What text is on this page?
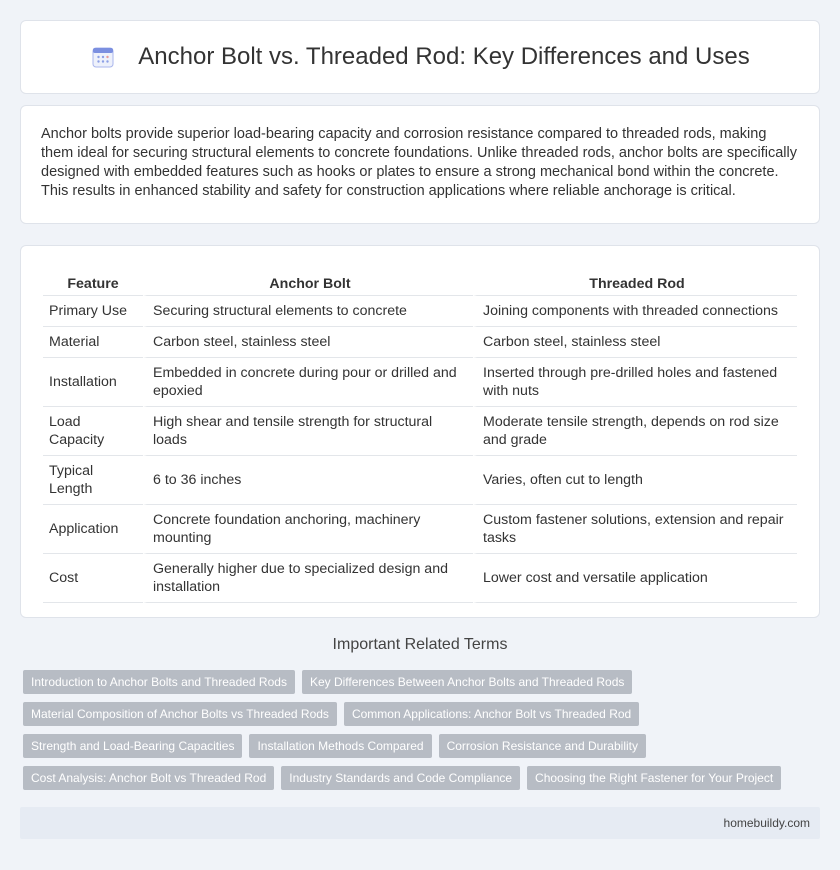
Anchor Bolt vs. Threaded Rod: Key Differences and Uses

Anchor bolts provide superior load-bearing capacity and corrosion resistance compared to threaded rods, making them ideal for securing structural elements to concrete foundations. Unlike threaded rods, anchor bolts are specifically designed with embedded features such as hooks or plates to ensure a strong mechanical bond within the concrete. This results in enhanced stability and safety for construction applications where reliable anchorage is critical.

Feature	Anchor Bolt	Threaded Rod
Primary Use	Securing structural elements to concrete	Joining components with threaded connections
Material	Carbon steel, stainless steel	Carbon steel, stainless steel
Installation	Embedded in concrete during pour or drilled and epoxied	Inserted through pre-drilled holes and fastened with nuts
Load Capacity	High shear and tensile strength for structural loads	Moderate tensile strength, depends on rod size and grade
Typical Length	6 to 36 inches	Varies, often cut to length
Application	Concrete foundation anchoring, machinery mounting	Custom fastener solutions, extension and repair tasks
Cost	Generally higher due to specialized design and installation	Lower cost and versatile application
Important Related Terms
Introduction to Anchor Bolts and Threaded Rods	Key Differences Between Anchor Bolts and Threaded Rods
Material Composition of Anchor Bolts vs Threaded Rods	Common Applications: Anchor Bolt vs Threaded Rod
Strength and Load-Bearing Capacities	Installation Methods Compared	Corrosion Resistance and Durability
Cost Analysis: Anchor Bolt vs Threaded Rod	Industry Standards and Code Compliance	Choosing the Right Fastener for Your Project
homebuildy.com
